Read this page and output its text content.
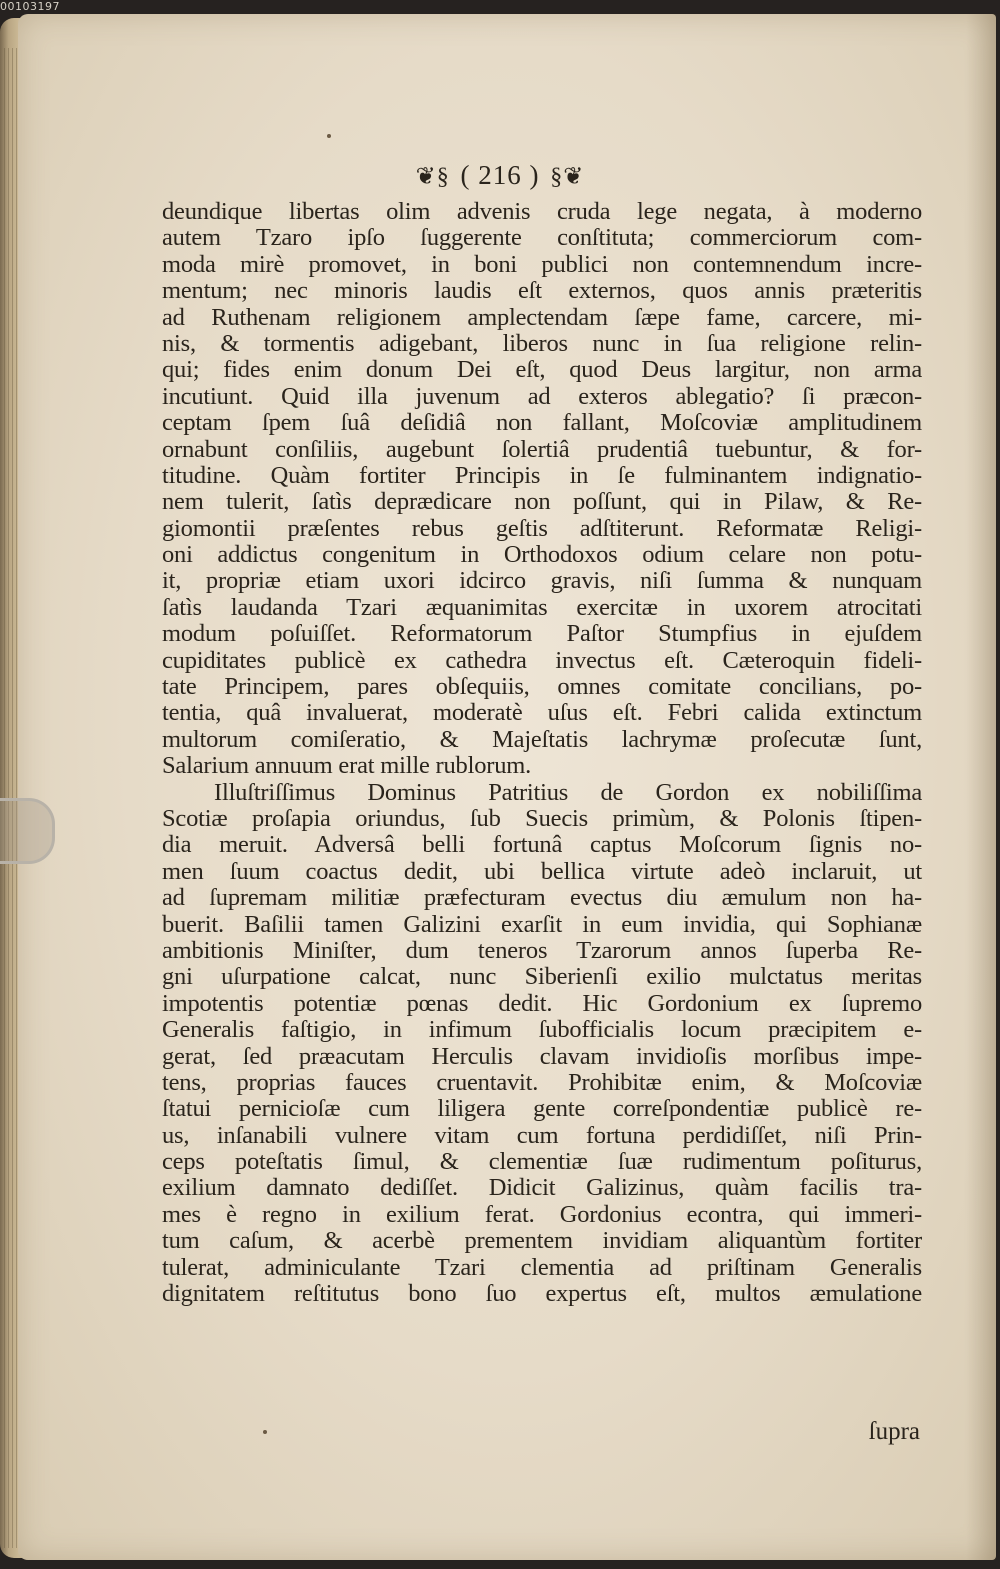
00103197
❦§ ( 216 ) §❦
deundique libertas olim advenis cruda lege negata, à moderno
autem Tzaro ipſo ſuggerente conſtituta; commerciorum com-
moda mirè promovet, in boni publici non contemnendum incre-
mentum; nec minoris laudis eſt externos, quos annis præteritis
ad Ruthenam religionem amplectendam ſæpe fame, carcere, mi-
nis, & tormentis adigebant, liberos nunc in ſua religione relin-
qui; fides enim donum Dei eſt, quod Deus largitur, non arma
incutiunt. Quid illa juvenum ad exteros ablegatio? ſi præcon-
ceptam ſpem ſuâ deſidiâ non fallant, Moſcoviæ amplitudinem
ornabunt conſiliis, augebunt ſolertiâ prudentiâ tuebuntur, & for-
titudine. Quàm fortiter Principis in ſe fulminantem indignatio-
nem tulerit, ſatìs deprædicare non poſſunt, qui in Pilaw, & Re-
giomontii præſentes rebus geſtis adſtiterunt. Reformatæ Religi-
oni addictus congenitum in Orthodoxos odium celare non potu-
it, propriæ etiam uxori idcirco gravis, niſi ſumma & nunquam
ſatìs laudanda Tzari æquanimitas exercitæ in uxorem atrocitati
modum poſuiſſet. Reformatorum Paſtor Stumpfius in ejuſdem
cupiditates publicè ex cathedra invectus eſt. Cæteroquin fideli-
tate Principem, pares obſequiis, omnes comitate concilians, po-
tentia, quâ invaluerat, moderatè uſus eſt. Febri calida extinctum
multorum comiſeratio, & Majeſtatis lachrymæ proſecutæ ſunt,
Salarium annuum erat mille rublorum.
Illuſtriſſimus Dominus Patritius de Gordon ex nobiliſſima
Scotiæ proſapia oriundus, ſub Suecis primùm, & Polonis ſtipen-
dia meruit. Adversâ belli fortunâ captus Moſcorum ſignis no-
men ſuum coactus dedit, ubi bellica virtute adeò inclaruit, ut
ad ſupremam militiæ præfecturam evectus diu æmulum non ha-
buerit. Baſilii tamen Galizini exarſit in eum invidia, qui Sophianæ
ambitionis Miniſter, dum teneros Tzarorum annos ſuperba Re-
gni uſurpatione calcat, nunc Siberienſi exilio mulctatus meritas
impotentis potentiæ pœnas dedit. Hic Gordonium ex ſupremo
Generalis faſtigio, in infimum ſubofficialis locum præcipitem e-
gerat, ſed præacutam Herculis clavam invidioſis morſibus impe-
tens, proprias fauces cruentavit. Prohibitæ enim, & Moſcoviæ
ſtatui pernicioſæ cum liligera gente correſpondentiæ publicè re-
us, inſanabili vulnere vitam cum fortuna perdidiſſet, niſi Prin-
ceps poteſtatis ſimul, & clementiæ ſuæ rudimentum poſiturus,
exilium damnato dediſſet. Didicit Galizinus, quàm facilis tra-
mes è regno in exilium ferat. Gordonius econtra, qui immeri-
tum caſum, & acerbè prementem invidiam aliquantùm fortiter
tulerat, adminiculante Tzari clementia ad priſtinam Generalis
dignitatem reſtitutus bono ſuo expertus eſt, multos æmulatione
ſupra
